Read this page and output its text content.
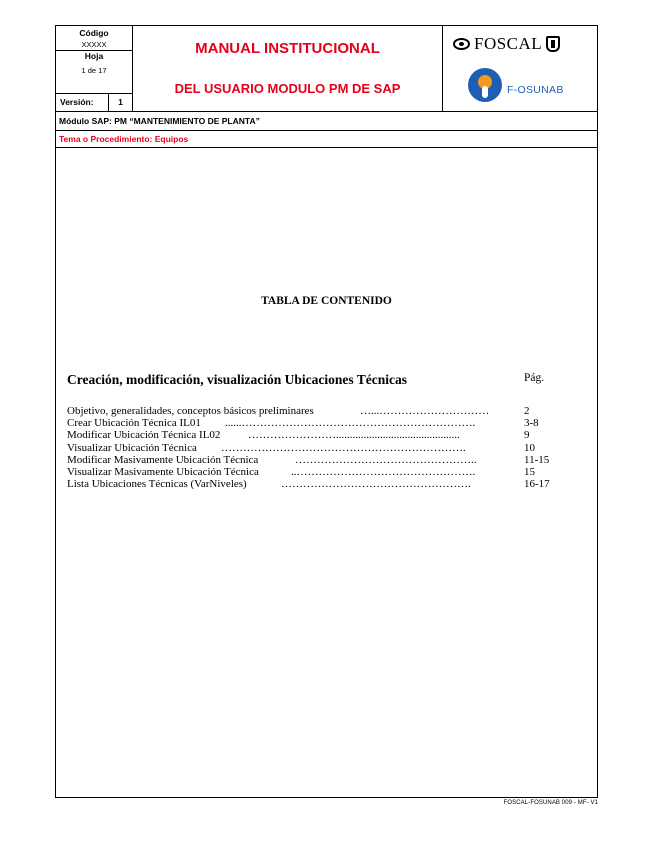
Código
XXXXX
Hoja
1 de 17
Versión:	1
MANUAL INSTITUCIONAL
DEL USUARIO MODULO PM DE SAP
FOSCAL
F-OSUNAB
Módulo SAP: PM “MANTENIMIENTO DE PLANTA”
Tema o Procedimiento: Equipos
TABLA DE CONTENIDO
Creación, modificación, visualización Ubicaciones Técnicas	Pág.
Objetivo, generalidades, conceptos básicos preliminares	…...…………………………	2
Crear Ubicación Técnica IL01 ......……………………………………………………….	3-8
Modificar Ubicación Técnica IL02	…………………….............................................	9
Visualizar Ubicación Técnica ………………………………………………………….	10
Modificar Masivamente Ubicación Técnica	…………………………………………..	11-15
Visualizar Masivamente Ubicación Técnica	..………………………………………….	15
Lista Ubicaciones Técnicas (VarNiveles)	…………………………………………….	16-17
FOSCAL-FOSUNAB 009 - MF- V1
